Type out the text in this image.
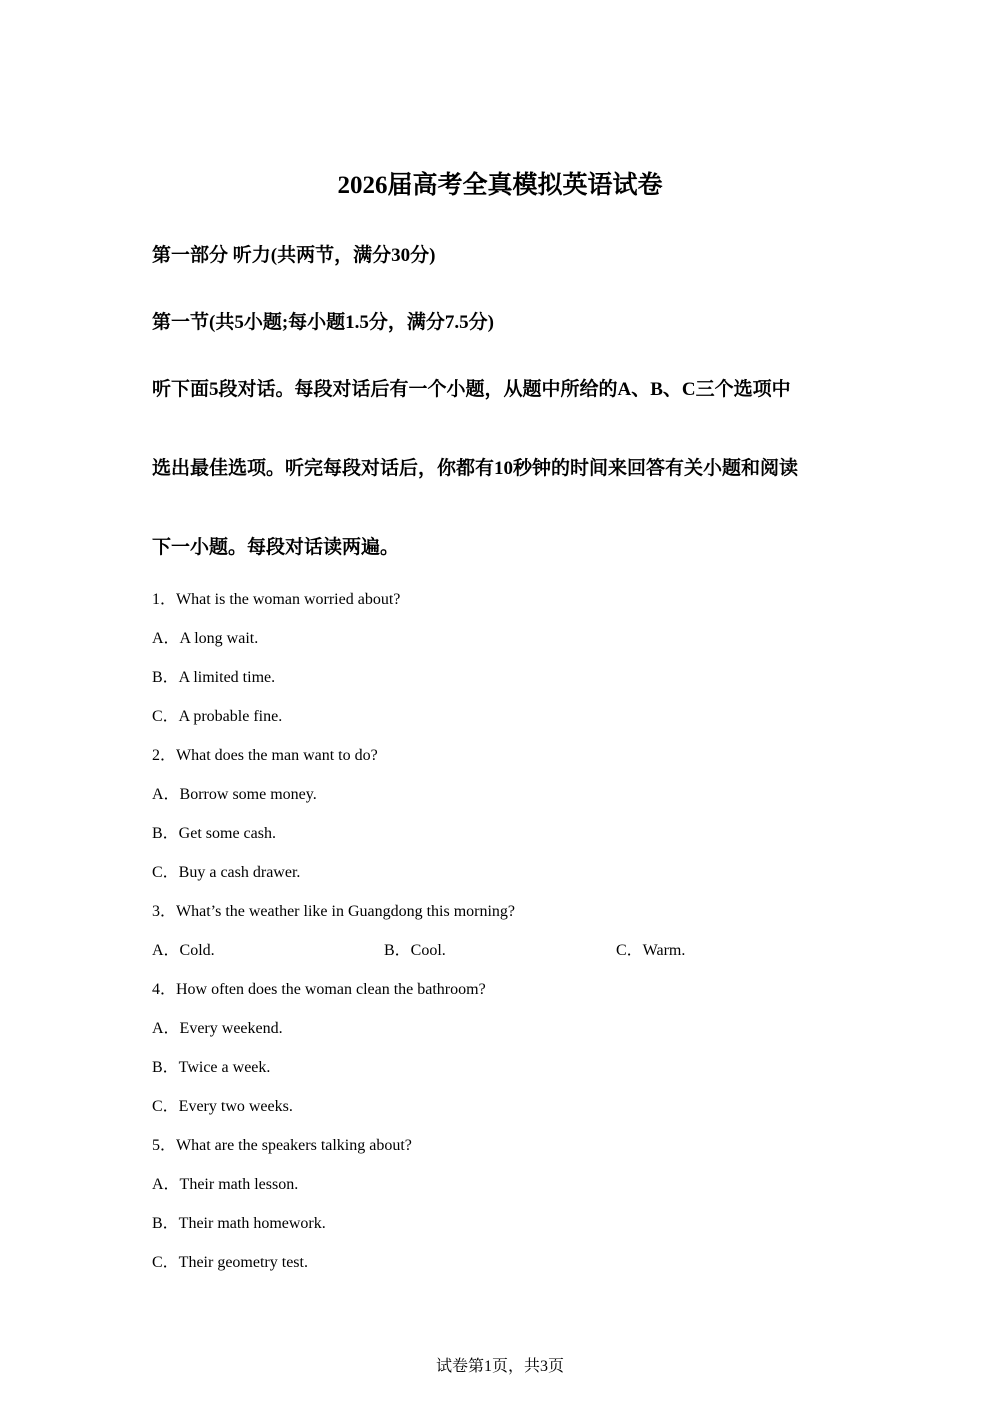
2026届高考全真模拟英语试卷
第一部分 听力(共两节，满分30分)
第一节(共5小题;每小题1.5分，满分7.5分)
听下面5段对话。每段对话后有一个小题，从题中所给的A、B、C三个选项中
选出最佳选项。听完每段对话后，你都有10秒钟的时间来回答有关小题和阅读
下一小题。每段对话读两遍。
1．What is the woman worried about?
A．A long wait.
B．A limited time.
C．A probable fine.
2．What does the man want to do?
A．Borrow some money.
B．Get some cash.
C．Buy a cash drawer.
3．What’s the weather like in Guangdong this morning?
A．Cold.	B．Cool.	C．Warm.
4．How often does the woman clean the bathroom?
A．Every weekend.
B．Twice a week.
C．Every two weeks.
5．What are the speakers talking about?
A．Their math lesson.
B．Their math homework.
C．Their geometry test.
试卷第1页，共3页
